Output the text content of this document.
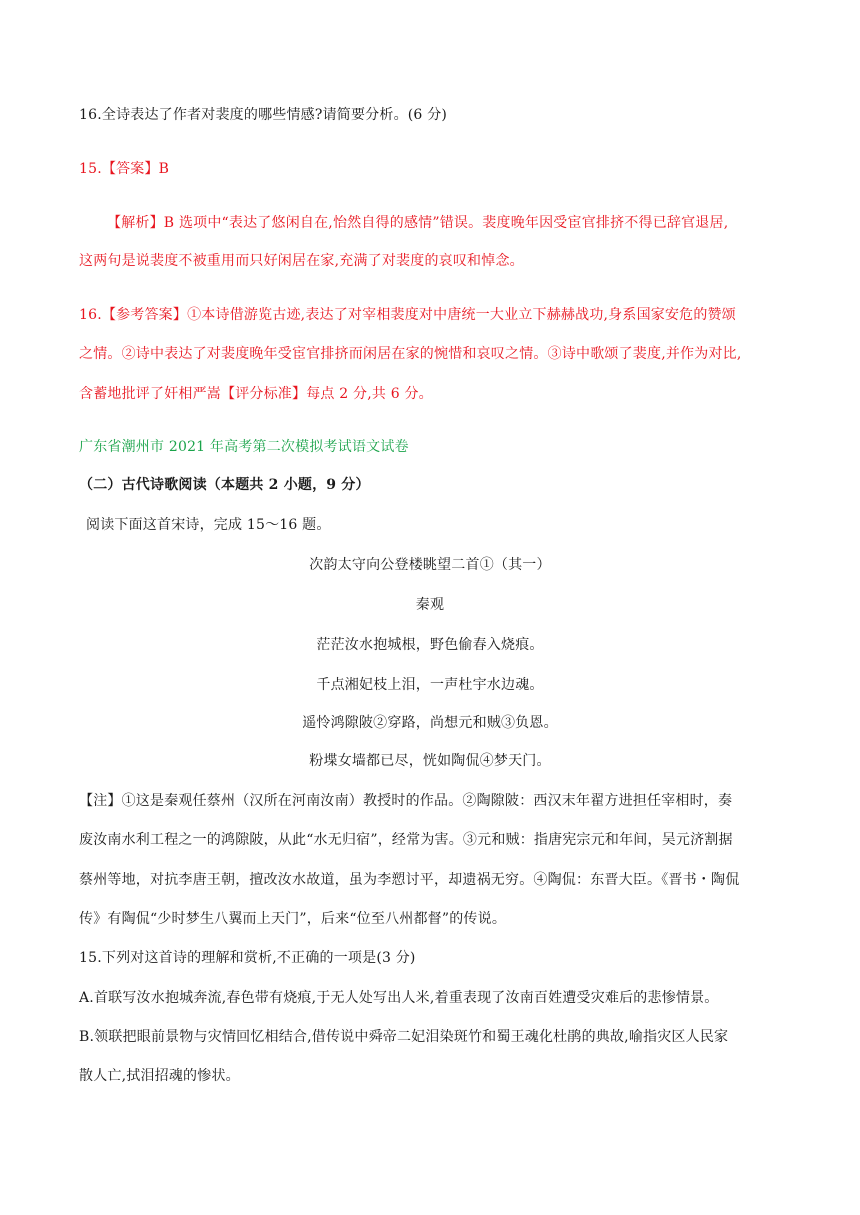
16.全诗表达了作者对裴度的哪些情感?请简要分析。(6 分)
15.【答案】B
【解析】B 选项中“表达了悠闲自在,怡然自得的感情”错误。裴度晚年因受宦官排挤不得已辞官退居,
这两句是说裴度不被重用而只好闲居在家,充满了对裴度的哀叹和悼念。
16.【参考答案】①本诗借游览古迹,表达了对宰相裴度对中唐统一大业立下赫赫战功,身系国家安危的赞颂
之情。②诗中表达了对裴度晚年受宦官排挤而闲居在家的惋惜和哀叹之情。③诗中歌颂了裴度,并作为对比,
含蓄地批评了奸相严嵩【评分标准】每点 2 分,共 6 分。
广东省潮州市 2021 年高考第二次模拟考试语文试卷
（二）古代诗歌阅读（本题共 2 小题，9 分）
阅读下面这首宋诗，完成 15～16 题。
次韵太守向公登楼眺望二首①（其一）
秦观
茫茫汝水抱城根，野色偷春入烧痕。
千点湘妃枝上泪，一声杜宇水边魂。
遥怜鸿隙陂②穿路，尚想元和贼③负恩。
粉堞女墙都已尽，恍如陶侃④梦天门。
【注】①这是秦观任蔡州（汉所在河南汝南）教授时的作品。②陶隙陂：西汉末年翟方进担任宰相时，奏
废汝南水利工程之一的鸿隙陂，从此“水无归宿”，经常为害。③元和贼：指唐宪宗元和年间，吴元济割据
蔡州等地，对抗李唐王朝，擅改汝水故道，虽为李愬讨平，却遗祸无穷。④陶侃：东晋大臣。《晋书・陶侃
传》有陶侃“少时梦生八翼而上天门”，后来“位至八州都督”的传说。
15.下列对这首诗的理解和赏析,不正确的一项是(3 分)
A.首联写汝水抱城奔流,春色带有烧痕,于无人处写出人米,着重表现了汝南百姓遭受灾难后的悲惨情景。
B.领联把眼前景物与灾情回忆相结合,借传说中舜帝二妃泪染斑竹和蜀王魂化杜鹃的典故,喻指灾区人民家
散人亡,拭泪招魂的惨状。
